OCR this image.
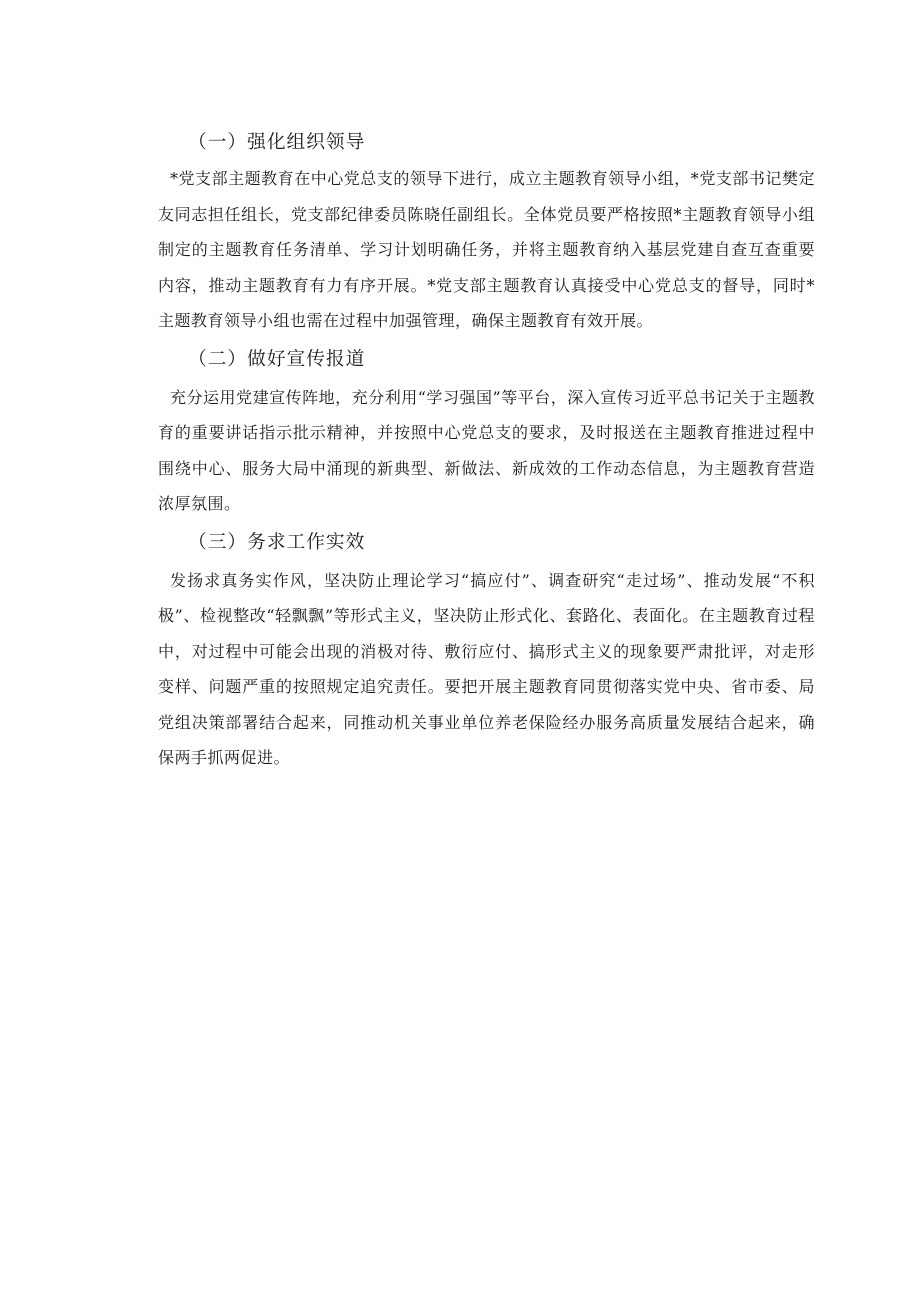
（一）强化组织领导

*党支部主题教育在中心党总支的领导下进行，成立主题教育领导小组，*党支部书记樊定友同志担任组长，党支部纪律委员陈晓任副组长。全体党员要严格按照*主题教育领导小组制定的主题教育任务清单、学习计划明确任务，并将主题教育纳入基层党建自查互查重要内容，推动主题教育有力有序开展。*党支部主题教育认真接受中心党总支的督导，同时*主题教育领导小组也需在过程中加强管理，确保主题教育有效开展。

（二）做好宣传报道

充分运用党建宣传阵地，充分利用“学习强国”等平台，深入宣传习近平总书记关于主题教育的重要讲话指示批示精神，并按照中心党总支的要求，及时报送在主题教育推进过程中围绕中心、服务大局中涌现的新典型、新做法、新成效的工作动态信息，为主题教育营造浓厚氛围。

（三）务求工作实效

发扬求真务实作风，坚决防止理论学习“搞应付”、调查研究“走过场”、推动发展“不积极”、检视整改“轻飘飘”等形式主义，坚决防止形式化、套路化、表面化。在主题教育过程中，对过程中可能会出现的消极对待、敷衍应付、搞形式主义的现象要严肃批评，对走形变样、问题严重的按照规定追究责任。要把开展主题教育同贯彻落实党中央、省市委、局党组决策部署结合起来，同推动机关事业单位养老保险经办服务高质量发展结合起来，确保两手抓两促进。
